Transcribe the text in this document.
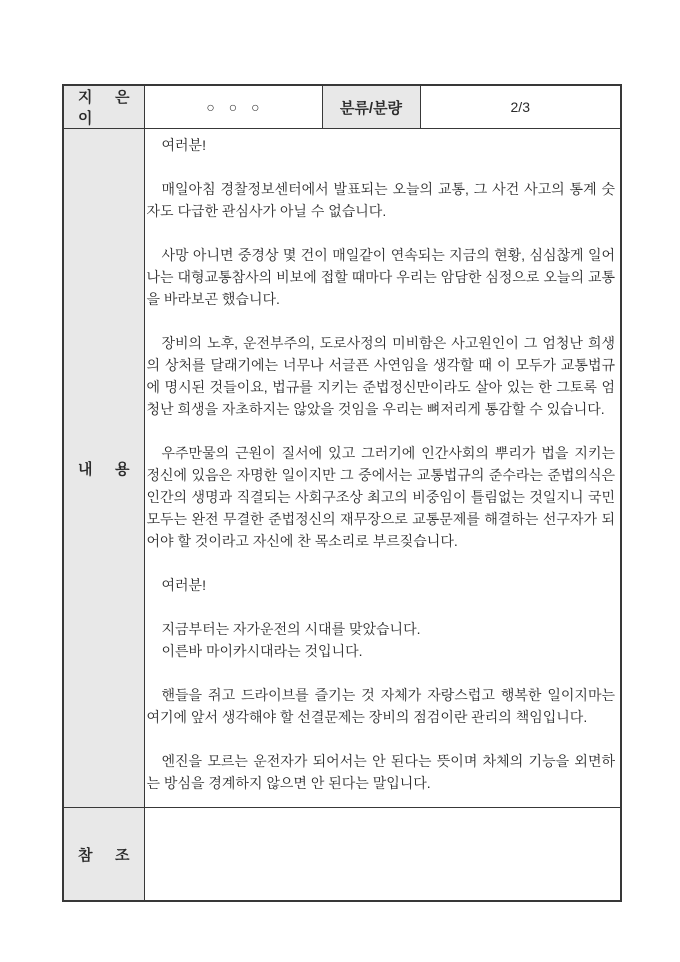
지 은 이	○ ○ ○	분류/분량	2/3

내 용

여러분!

매일아침 경찰정보센터에서 발표되는 오늘의 교통, 그 사건 사고의 통계 숫자도 다급한 관심사가 아닐 수 없습니다.

사망 아니면 중경상 몇 건이 매일같이 연속되는 지금의 현황, 심심찮게 일어나는 대형교통참사의 비보에 접할 때마다 우리는 암담한 심정으로 오늘의 교통을 바라보곤 했습니다.

장비의 노후, 운전부주의, 도로사정의 미비함은 사고원인이 그 엄청난 희생의 상처를 달래기에는 너무나 서글픈 사연임을 생각할 때 이 모두가 교통법규에 명시된 것들이요, 법규를 지키는 준법정신만이라도 살아 있는 한 그토록 엄청난 희생을 자초하지는 않았을 것임을 우리는 뼈저리게 통감할 수 있습니다.

우주만물의 근원이 질서에 있고 그러기에 인간사회의 뿌리가 법을 지키는 정신에 있음은 자명한 일이지만 그 중에서는 교통법규의 준수라는 준법의식은 인간의 생명과 직결되는 사회구조상 최고의 비중임이 틀림없는 것일지니 국민모두는 완전 무결한 준법정신의 재무장으로 교통문제를 해결하는 선구자가 되어야 할 것이라고 자신에 찬 목소리로 부르짖습니다.

여러분!

지금부터는 자가운전의 시대를 맞았습니다.

이른바 마이카시대라는 것입니다.

핸들을 쥐고 드라이브를 즐기는 것 자체가 자랑스럽고 행복한 일이지마는 여기에 앞서 생각해야 할 선결문제는 장비의 점검이란 관리의 책임입니다.

엔진을 모르는 운전자가 되어서는 안 된다는 뜻이며 차체의 기능을 외면하는 방심을 경계하지 않으면 안 된다는 말입니다.

참 조			
